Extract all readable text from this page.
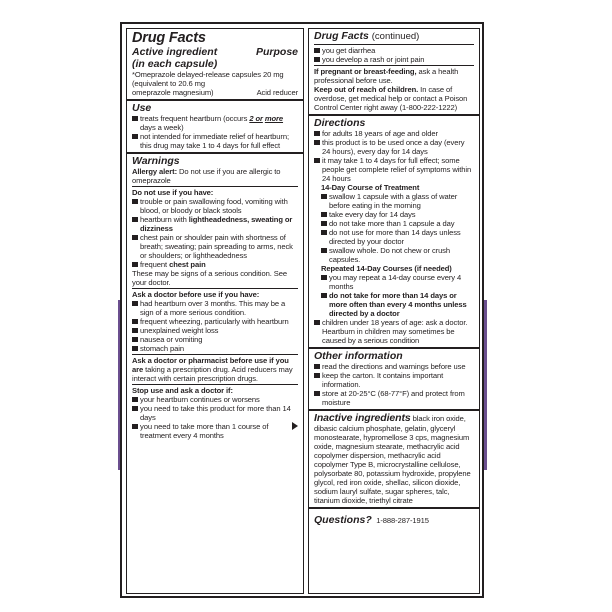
Drug Facts
Active ingredient	Purpose
(in each capsule)
*Omeprazole delayed-release capsules 20 mg
(equivalent to 20.6 mg
omeprazole magnesium)	Acid reducer
Use
treats frequent heartburn (occurs 2 or more days a week)
not intended for immediate relief of heartburn; this drug may take 1 to 4 days for full effect
Warnings
Allergy alert: Do not use if you are allergic to omeprazole
Do not use if you have:
trouble or pain swallowing food, vomiting with blood, or bloody or black stools
heartburn with lightheadedness, sweating or dizziness
chest pain or shoulder pain with shortness of breath; sweating; pain spreading to arms, neck or shoulders; or lightheadedness
frequent chest pain
These may be signs of a serious condition. See your doctor.
Ask a doctor before use if you have:
had heartburn over 3 months. This may be a sign of a more serious condition.
frequent wheezing, particularly with heartburn
unexplained weight loss
nausea or vomiting
stomach pain
Ask a doctor or pharmacist before use if you are taking a prescription drug. Acid reducers may interact with certain prescription drugs.
Stop use and ask a doctor if:
your heartburn continues or worsens
you need to take this product for more than 14 days
you need to take more than 1 course of treatment every 4 months
Drug Facts (continued)
you get diarrhea
you develop a rash or joint pain
If pregnant or breast-feeding, ask a health professional before use.
Keep out of reach of children. In case of overdose, get medical help or contact a Poison Control Center right away (1-800-222-1222)
Directions
for adults 18 years of age and older
this product is to be used once a day (every 24 hours), every day for 14 days
it may take 1 to 4 days for full effect; some people get complete relief of symptoms within 24 hours
14-Day Course of Treatment
swallow 1 capsule with a glass of water before eating in the morning
take every day for 14 days
do not take more than 1 capsule a day
do not use for more than 14 days unless directed by your doctor
swallow whole. Do not chew or crush capsules.
Repeated 14-Day Courses (if needed)
you may repeat a 14-day course every 4 months
do not take for more than 14 days or more often than every 4 months unless directed by a doctor
children under 18 years of age: ask a doctor. Heartburn in children may sometimes be caused by a serious condition
Other information
read the directions and warnings before use
keep the carton. It contains important information.
store at 20-25°C (68-77°F) and protect from moisture
Inactive ingredients black iron oxide, dibasic calcium phosphate, gelatin, glyceryl monostearate, hypromellose 3 cps, magnesium oxide, magnesium stearate, methacrylic acid copolymer dispersion, methacrylic acid copolymer Type B, microcrystalline cellulose, polysorbate 80, potassium hydroxide, propylene glycol, red iron oxide, shellac, silicon dioxide, sodium lauryl sulfate, sugar spheres, talc, titanium dioxide, triethyl citrate
Questions? 1-888-287-1915
